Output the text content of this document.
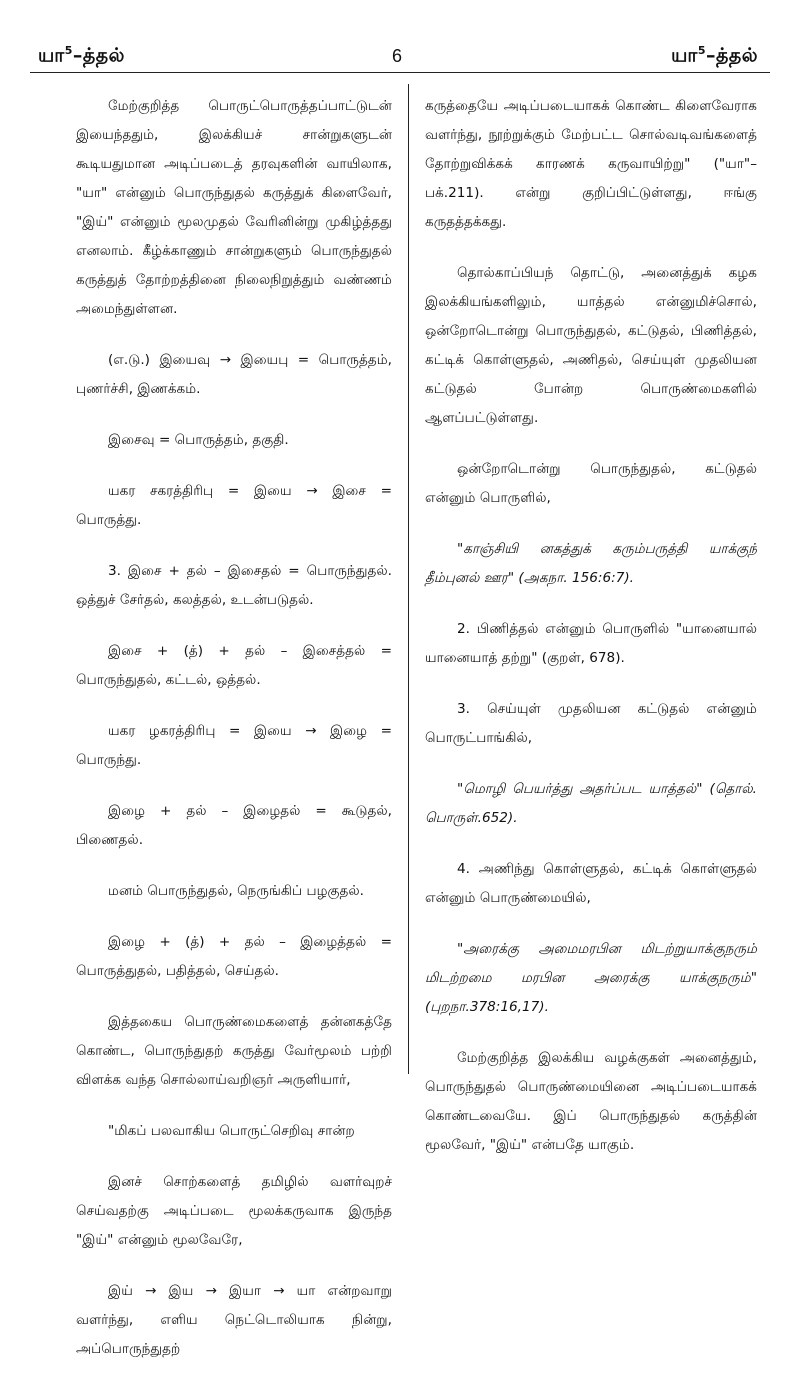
யா$^5$–த்தல்	6	யா$^5$–த்தல்

மேற்குறித்த பொருட்பொருத்தப்பாட்டுடன் இயைந்ததும், இலக்கியச் சான்றுகளுடன் கூடியதுமான அடிப்படைத் தரவுகளின் வாயிலாக, "யா" என்னும் பொருந்துதல் கருத்துக் கிளைவேர், "இய்" என்னும் மூலமுதல் வேரினின்று முகிழ்த்தது எனலாம். கீழ்க்காணும் சான்றுகளும் பொருந்துதல் கருத்துத் தோற்றத்தினை நிலைநிறுத்தும் வண்ணம் அமைந்துள்ளன.

(எ.டு.) இயைவு → இயைபு = பொருத்தம், புணர்ச்சி, இணக்கம்.

இசைவு = பொருத்தம், தகுதி.

யகர சகரத்திரிபு = இயை → இசை = பொருத்து.

3. இசை + தல் – இசைதல் = பொருந்துதல். ஒத்துச் சேர்தல், கலத்தல், உடன்படுதல்.

இசை + (த்) + தல் – இசைத்தல் = பொருந்துதல், கட்டல், ஒத்தல்.

யகர ழகரத்திரிபு = இயை → இழை = பொருந்து.

இழை + தல் – இழைதல் = கூடுதல், பிணைதல்.

மனம் பொருந்துதல், நெருங்கிப் பழகுதல்.

இழை + (த்) + தல் – இழைத்தல் = பொருத்துதல், பதித்தல், செய்தல்.

இத்தகைய பொருண்மைகளைத் தன்னகத்தே கொண்ட, பொருந்துதற் கருத்து வேர்மூலம் பற்றி விளக்க வந்த சொல்லாய்வறிஞர் அருளியார்,

"மிகப் பலவாகிய பொருட்செறிவு சான்ற

இனச் சொற்களைத் தமிழில் வளர்வுறச் செய்வதற்கு அடிப்படை மூலக்கருவாக இருந்த "இய்" என்னும் மூலவேரே,

இய் → இய → இயா → யா என்றவாறு வளர்ந்து, எளிய நெட்டொலியாக நின்று, அப்பொருந்துதற்

கருத்தையே அடிப்படையாகக் கொண்ட கிளைவேராக வளர்ந்து, நூற்றுக்கும் மேற்பட்ட சொல்வடிவங்களைத் தோற்றுவிக்கக் காரணக் கருவாயிற்று" ("யா"–பக்.211). என்று குறிப்பிட்டுள்ளது, ஈங்கு கருதத்தக்கது.

தொல்காப்பியந் தொட்டு, அனைத்துக் கழக இலக்கியங்களிலும், யாத்தல் என்னுமிச்சொல், ஒன்றோடொன்று பொருந்துதல், கட்டுதல், பிணித்தல், கட்டிக் கொள்ளுதல், அணிதல், செய்யுள் முதலியன கட்டுதல் போன்ற பொருண்மைகளில் ஆளப்பட்டுள்ளது.

ஒன்றோடொன்று பொருந்துதல், கட்டுதல் என்னும் பொருளில்,

"காஞ்சியி னகத்துக் கரும்பருத்தி யாக்குந் தீம்புனல் ஊர" (அகநா. 156:6:7).

2. பிணித்தல் என்னும் பொருளில் "யானையால் யானையாத் தற்று" (குறள், 678).

3. செய்யுள் முதலியன கட்டுதல் என்னும் பொருட்பாங்கில்,

"மொழி பெயர்த்து அதர்ப்பட யாத்தல்" (தொல். பொருள்.652).

4. அணிந்து கொள்ளுதல், கட்டிக் கொள்ளுதல் என்னும் பொருண்மையில்,

"அரைக்கு அமைமரபின மிடற்றுயாக்குநரும் மிடற்றமை மரபின அரைக்கு யாக்குநரும்" (புறநா.378:16,17).

மேற்குறித்த இலக்கிய வழக்குகள் அனைத்தும், பொருந்துதல் பொருண்மையினை அடிப்படையாகக் கொண்டவையே. இப் பொருந்துதல் கருத்தின் மூலவேர், "இய்" என்பதே யாகும்.
